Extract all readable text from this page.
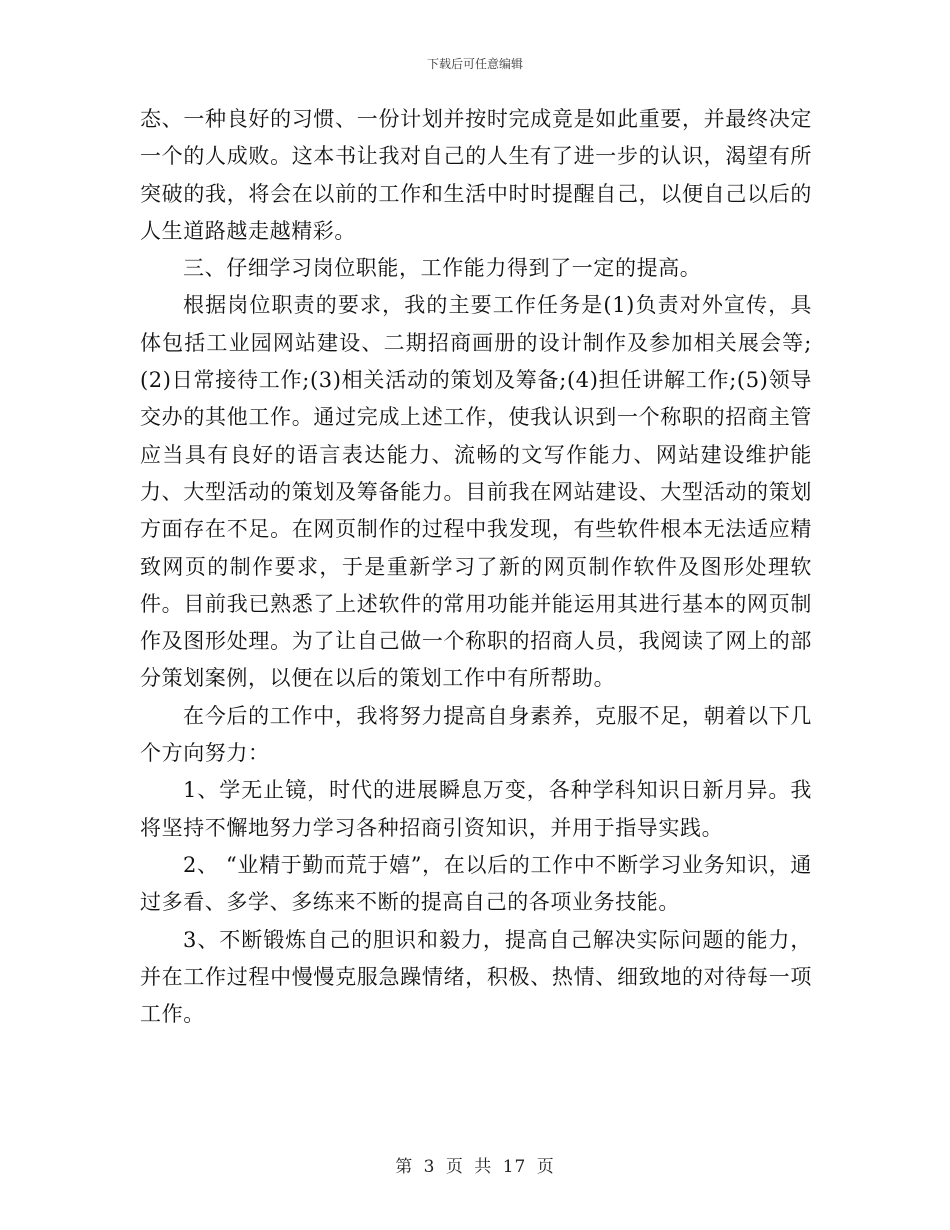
下载后可任意编辑

态、一种良好的习惯、一份计划并按时完成竟是如此重要，并最终决定一个的人成败。这本书让我对自己的人生有了进一步的认识，渴望有所突破的我，将会在以前的工作和生活中时时提醒自己，以便自己以后的人生道路越走越精彩。

三、仔细学习岗位职能，工作能力得到了一定的提高。

根据岗位职责的要求，我的主要工作任务是(1)负责对外宣传，具体包括工业园网站建设、二期招商画册的设计制作及参加相关展会等;(2)日常接待工作;(3)相关活动的策划及筹备;(4)担任讲解工作;(5)领导交办的其他工作。通过完成上述工作，使我认识到一个称职的招商主管应当具有良好的语言表达能力、流畅的文写作能力、网站建设维护能力、大型活动的策划及筹备能力。目前我在网站建设、大型活动的策划方面存在不足。在网页制作的过程中我发现，有些软件根本无法适应精致网页的制作要求，于是重新学习了新的网页制作软件及图形处理软件。目前我已熟悉了上述软件的常用功能并能运用其进行基本的网页制作及图形处理。为了让自己做一个称职的招商人员，我阅读了网上的部分策划案例，以便在以后的策划工作中有所帮助。

在今后的工作中，我将努力提高自身素养，克服不足，朝着以下几个方向努力：

1、学无止镜，时代的进展瞬息万变，各种学科知识日新月异。我将坚持不懈地努力学习各种招商引资知识，并用于指导实践。

2、 “业精于勤而荒于嬉”，在以后的工作中不断学习业务知识，通过多看、多学、多练来不断的提高自己的各项业务技能。

3、不断锻炼自己的胆识和毅力，提高自己解决实际问题的能力，并在工作过程中慢慢克服急躁情绪，积极、热情、细致地的对待每一项工作。

第 3 页 共 17 页
